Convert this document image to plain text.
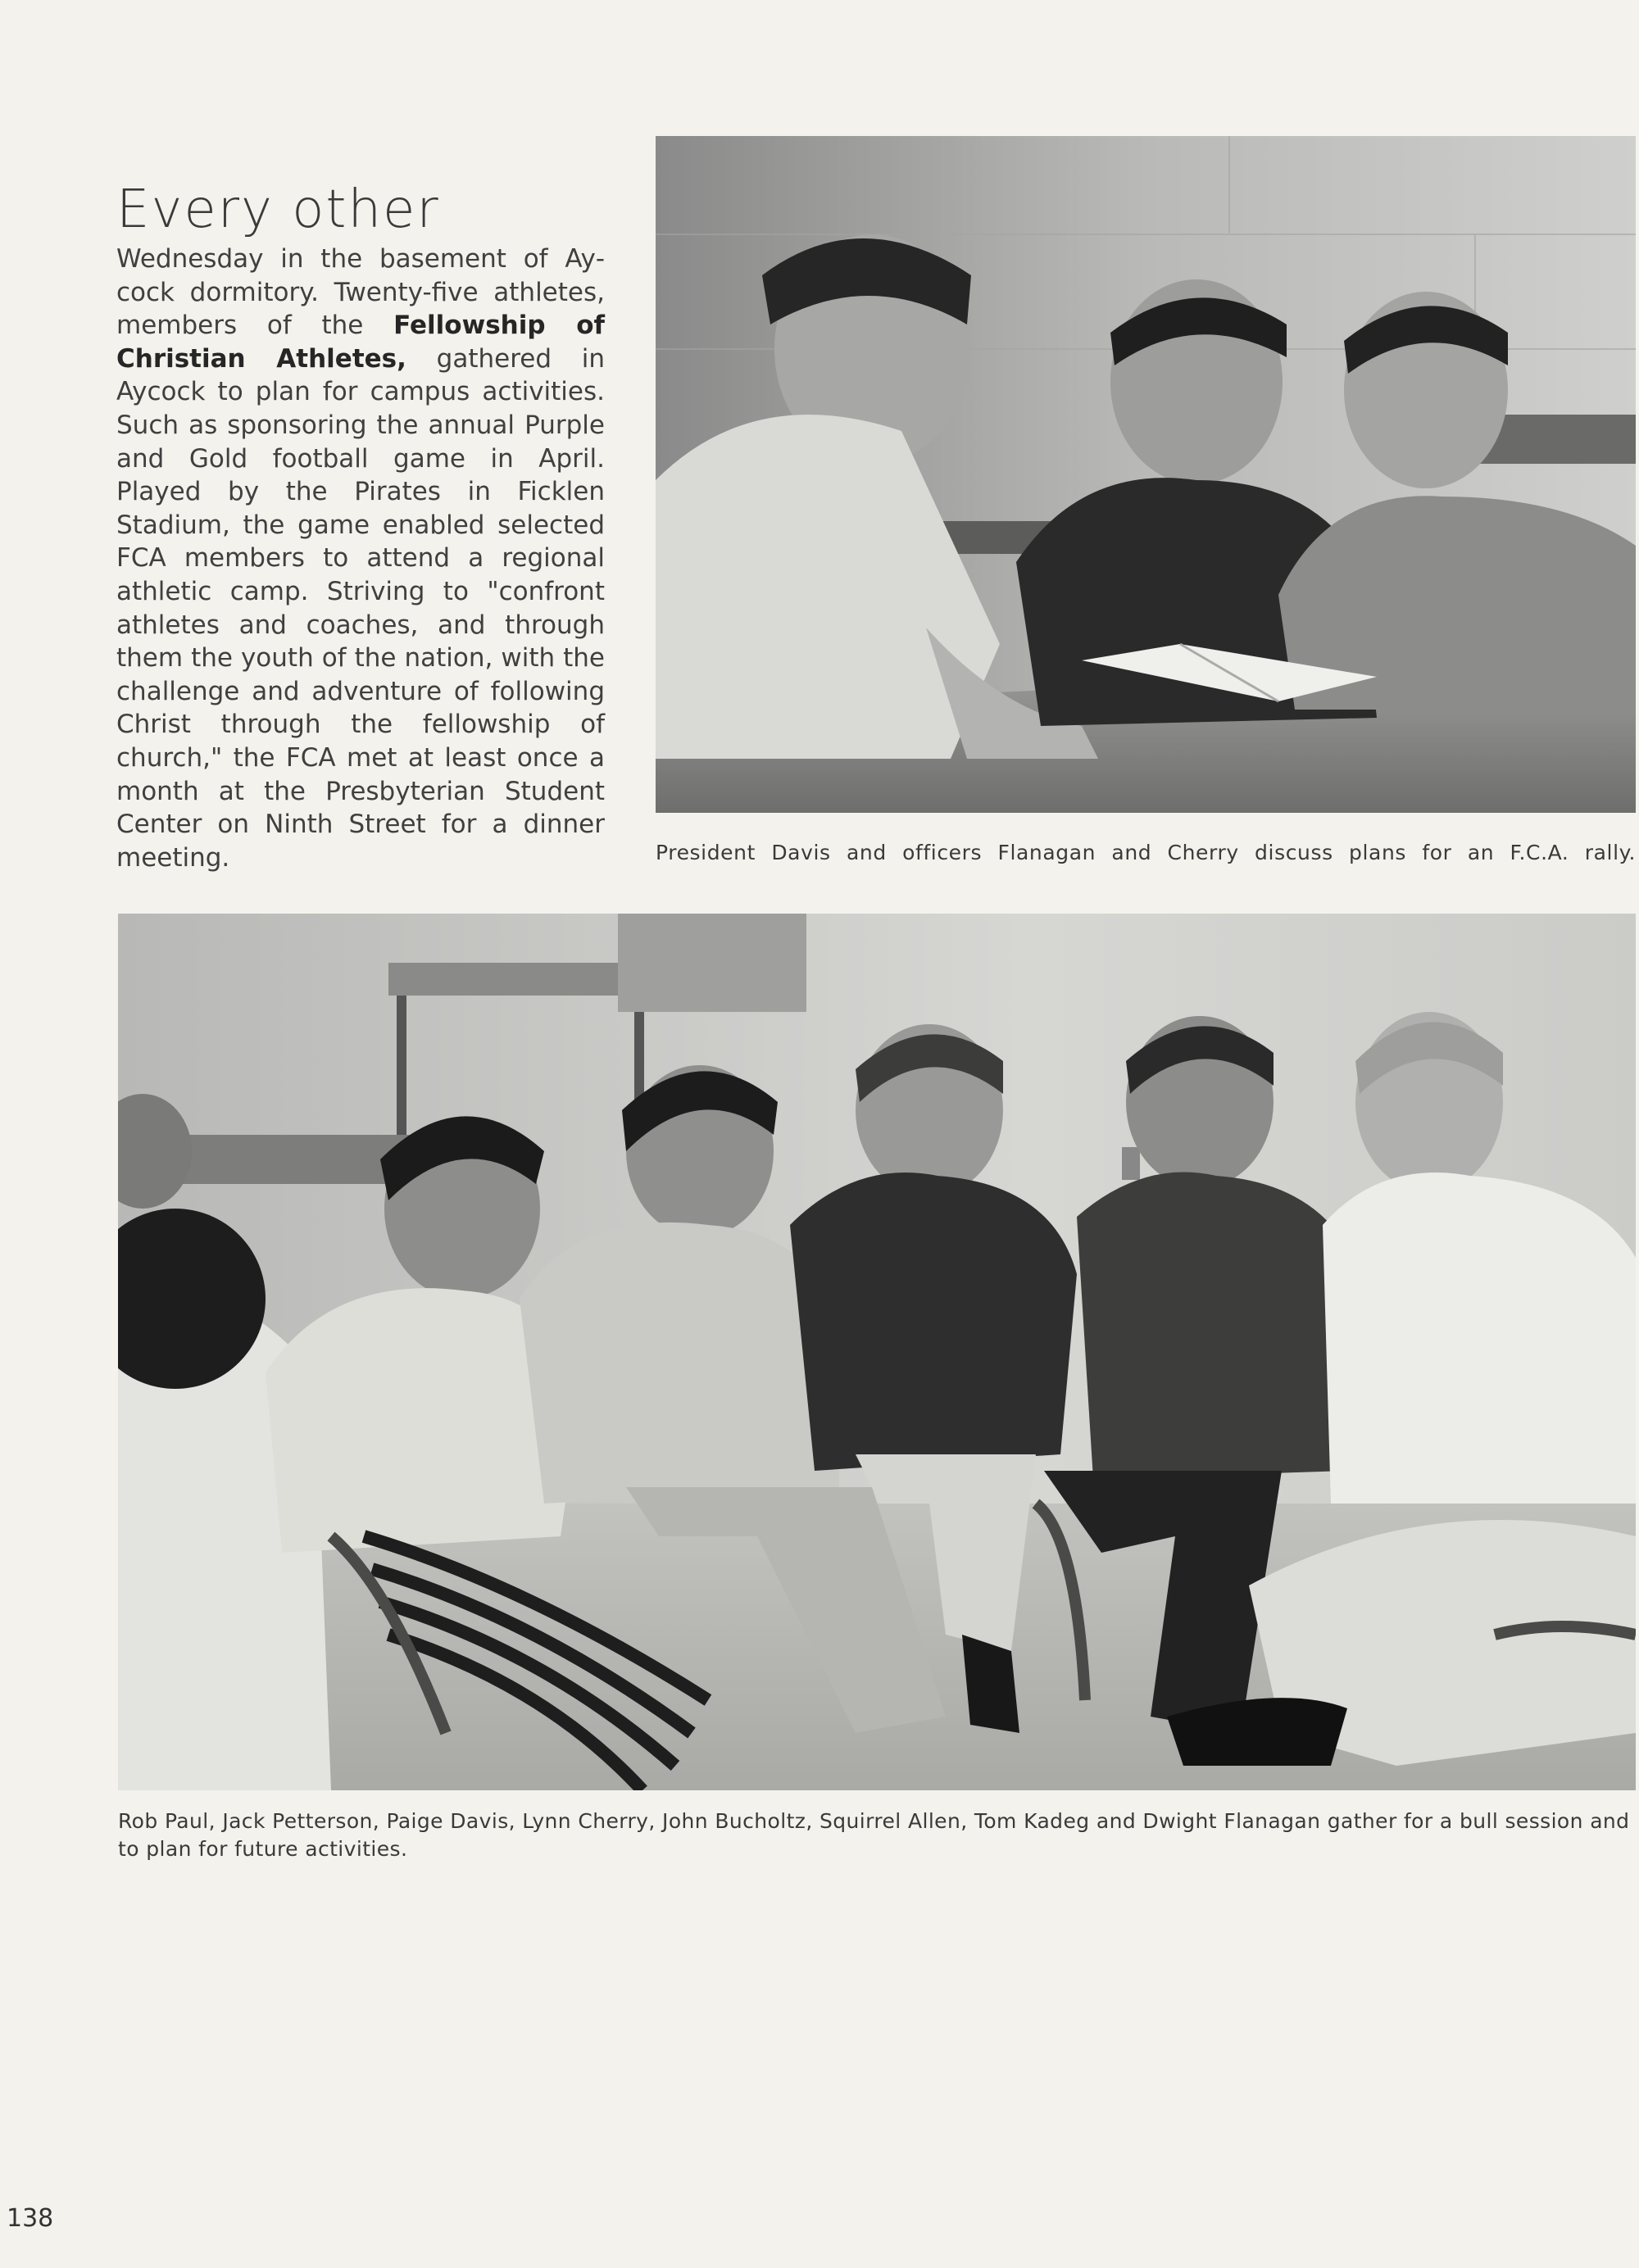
Every other

Wednesday in the basement of Aycock dormitory. Twenty-five athletes, members of the Fellowship of Christian Athletes, gathered in Aycock to plan for campus activities. Such as sponsoring the annual Purple and Gold football game in April. Played by the Pirates in Ficklen Stadium, the game enabled selected FCA members to attend a regional athletic camp. Striving to "confront athletes and coaches, and through them the youth of the nation, with the challenge and adventure of following Christ through the fellowship of church," the FCA met at least once a month at the Presbyterian Student Center on Ninth Street for a dinner meeting.	President Davis and officers Flanagan and Cherry discuss plans for an F.C.A. rally.

Rob Paul, Jack Petterson, Paige Davis, Lynn Cherry, John Bucholtz, Squirrel Allen, Tom Kadeg and Dwight Flanagan gather for a bull session and to plan for future activities.

138
